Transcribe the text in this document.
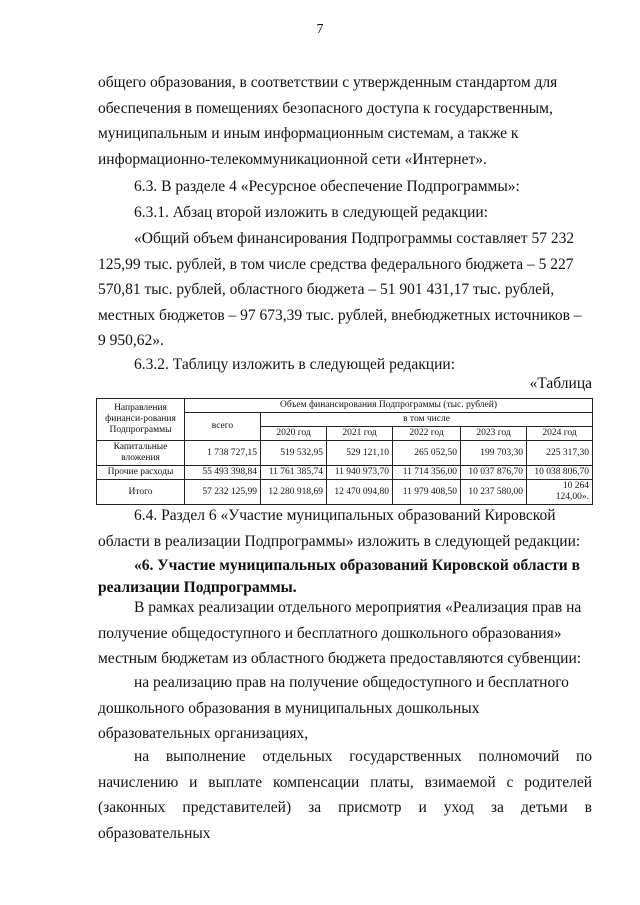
7

общего образования, в соответствии с утвержденным стандартом для обеспечения в помещениях безопасного доступа к государственным, муниципальным и иным информационным системам, а также к информационно-телекоммуникационной сети «Интернет».

6.3. В разделе 4 «Ресурсное обеспечение Подпрограммы»:

6.3.1. Абзац второй изложить в следующей редакции:

«Общий объем финансирования Подпрограммы составляет 57 232 125,99 тыс. рублей, в том числе средства федерального бюджета – 5 227 570,81 тыс. рублей, областного бюджета – 51 901 431,17 тыс. рублей, местных бюджетов – 97 673,39 тыс. рублей, внебюджетных источников – 9 950,62».

6.3.2. Таблицу изложить в следующей редакции:

«Таблица
Направления финанси-рования Подпрограммы	Объем финансирования Подпрограммы (тыс. рублей)					
	всего	в том числе				
		2020 год	2021 год	2022 год	2023 год	2024 год
Капитальные вложения	1 738 727,15	519 532,95	529 121,10	265 052,50	199 703,30	225 317,30
Прочие расходы	55 493 398,84	11 761 385,74	11 940 973,70	11 714 356,00	10 037 876,70	10 038 806,70
Итого	57 232 125,99	12 280 918,69	12 470 094,80	11 979 408,50	10 237 580,00	10 264 124,00».

6.4. Раздел 6 «Участие муниципальных образований Кировской области в реализации Подпрограммы» изложить в следующей редакции:

«6. Участие муниципальных образований Кировской области в реализации Подпрограммы.

В рамках реализации отдельного мероприятия «Реализация прав на получение общедоступного и бесплатного дошкольного образования» местным бюджетам из областного бюджета предоставляются субвенции:

на реализацию прав на получение общедоступного и бесплатного дошкольного образования в муниципальных дошкольных образовательных организациях,

на выполнение отдельных государственных полномочий по начислению и выплате компенсации платы, взимаемой с родителей (законных представителей) за присмотр и уход за детьми в образовательных
